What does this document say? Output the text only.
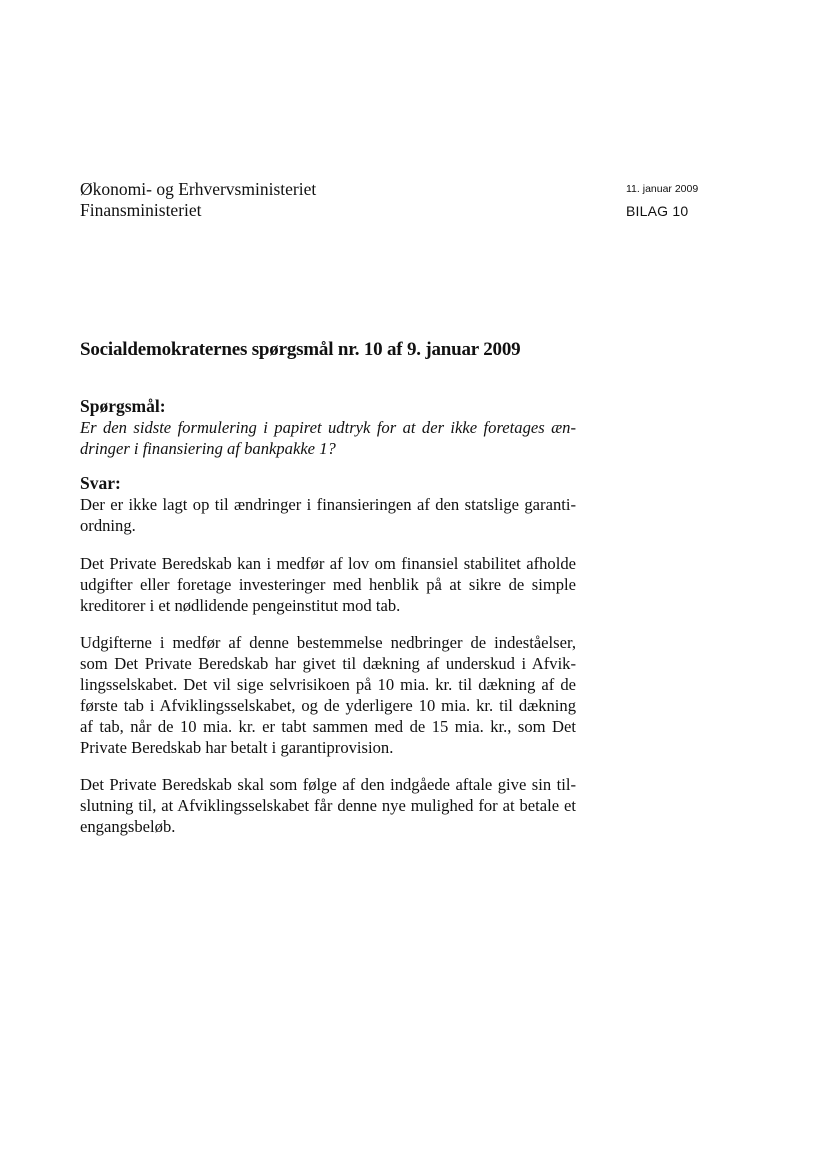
Økonomi- og Erhvervsministeriet
Finansministeriet
11. januar 2009
BILAG 10
Socialdemokraternes spørgsmål nr. 10 af 9. januar 2009
Spørgsmål:
Er den sidste formulering i papiret udtryk for at der ikke foretages æn-
dringer i finansiering af bankpakke 1?
Svar:
Der er ikke lagt op til ændringer i finansieringen af den statslige garanti-
ordning.
Det Private Beredskab kan i medfør af lov om finansiel stabilitet afholde
udgifter eller foretage investeringer med henblik på at sikre de simple
kreditorer i et nødlidende pengeinstitut mod tab.
Udgifterne i medfør af denne bestemmelse nedbringer de indeståelser,
som Det Private Beredskab har givet til dækning af underskud i Afvik-
lingsselskabet. Det vil sige selvrisikoen på 10 mia. kr. til dækning af de
første tab i Afviklingsselskabet, og de yderligere 10 mia. kr. til dækning
af tab, når de 10 mia. kr. er tabt sammen med de 15 mia. kr., som Det
Private Beredskab har betalt i garantiprovision.
Det Private Beredskab skal som følge af den indgåede aftale give sin til-
slutning til, at Afviklingsselskabet får denne nye mulighed for at betale et
engangsbeløb.
